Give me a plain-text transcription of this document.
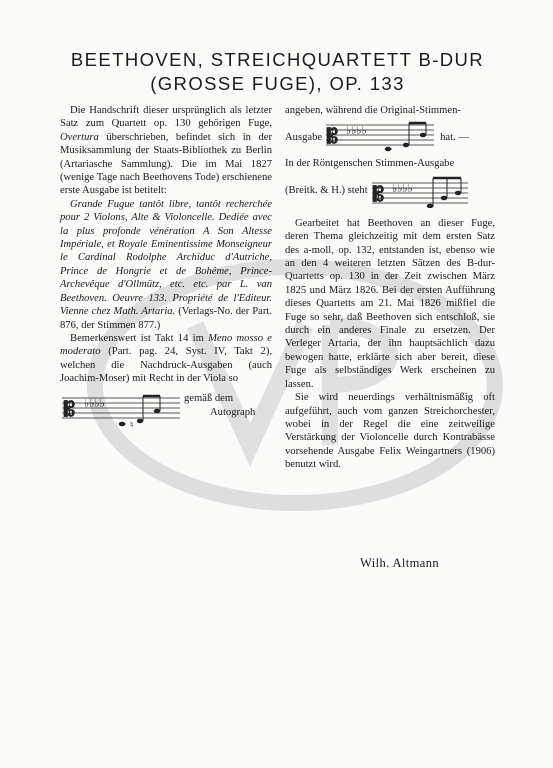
BEETHOVEN, STREICHQUARTETT B-DUR
(GROSSE FUGE), OP. 133

Die Handschrift dieser ursprünglich als letzter Satz zum Quartett op. 130 gehörigen Fuge, Overtura überschrieben, befindet sich in der Musiksammlung der Staats-Bibliothek zu Berlin (Artariasche Sammlung). Die im Mai 1827 (wenige Tage nach Beethovens Tode) erschienene erste Ausgabe ist betitelt:

Grande Fugue tantôt libre, tantôt recherchée pour 2 Violons, Alte & Violoncelle. Dediée avec la plus profonde vénération A Son Altesse Impériale, et Royale Eminentissime Monseigneur le Cardinal Rodolphe Archiduc d'Autriche, Prince de Hongrie et de Bohême, Prince-Archevêque d'Ollmütz, etc. etc. par L. van Beethoven. Oeuvre 133. Propriété de l'Editeur. Vienne chez Math. Artaria. (Verlags-No. der Part. 876, der Stimmen 877.)

Bemerkenswert ist Takt 14 im Meno mosso e moderato (Part. pag. 24, Syst. IV, Takt 2), welchen die Nachdruck-Ausgaben (auch Joachim-Moser) mit Recht in der Viola so

𝄡 ♭♭♭♭
♮
gemäß dem
Autograph
angeben, während die Original-Stimmen-
Ausgabe 𝄡 ♭♭♭♭	hat. —
In der Röntgenschen Stimmen-Ausgabe
(Breitk. & H.) steht 𝄡 ♭♭♭♭

Gearbeitet hat Beethoven an dieser Fuge, deren Thema gleichzeitig mit dem ersten Satz des a-moll, op. 132, entstanden ist, ebenso wie an den 4 weiteren letzten Sätzen des B-dur-Quartetts op. 130 in der Zeit zwischen März 1825 und März 1826. Bei der ersten Aufführung dieses Quartetts am 21. Mai 1826 mißfiel die Fuge so sehr, daß Beethoven sich entschloß, sie durch ein anderes Finale zu ersetzen. Der Verleger Artaria, der ihn hauptsächlich dazu bewogen hatte, erklärte sich aber bereit, diese Fuge als selbständiges Werk erscheinen zu lassen.

Sie wird neuerdings verhältnismäßig oft aufgeführt, auch vom ganzen Streichorchester, wobei in der Regel die eine zeitweilige Verstärkung der Violoncelle durch Kontrabässe vorsehende Ausgabe Felix Weingartners (1906) benutzt wird.

Wilh. Altmann
